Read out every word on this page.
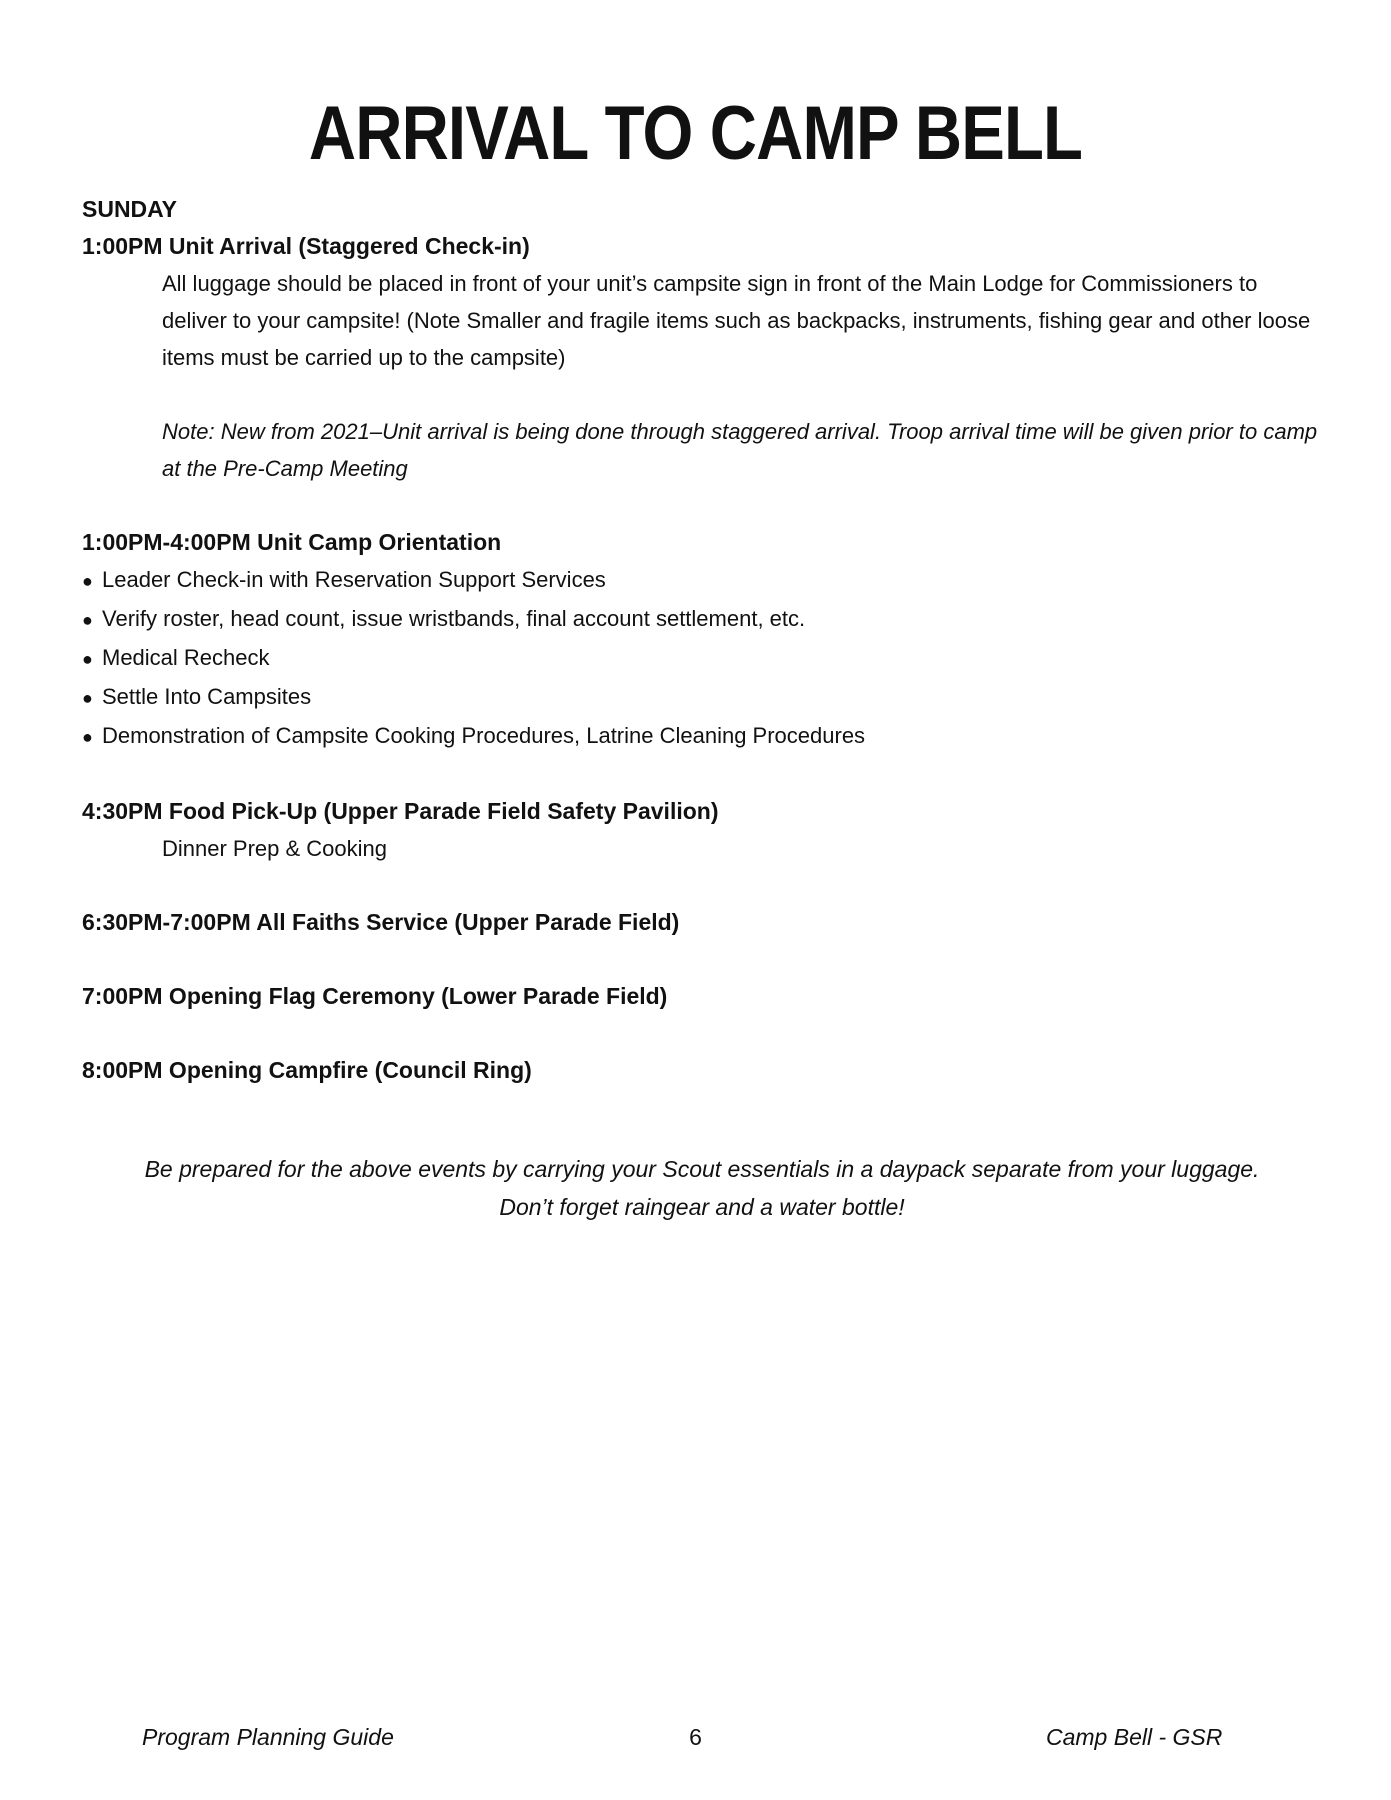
ARRIVAL TO CAMP BELL
SUNDAY
1:00PM Unit Arrival (Staggered Check-in)
All luggage should be placed in front of your unit’s campsite sign in front of the Main Lodge for Commissioners to deliver to your campsite! (Note Smaller and fragile items such as backpacks, instruments, fishing gear and other loose items must be carried up to the campsite)
Note: New from 2021–Unit arrival is being done through staggered arrival. Troop arrival time will be given prior to camp at the Pre-Camp Meeting
1:00PM-4:00PM Unit Camp Orientation
● Leader Check-in with Reservation Support Services
● Verify roster, head count, issue wristbands, final account settlement, etc.
● Medical Recheck
● Settle Into Campsites
● Demonstration of Campsite Cooking Procedures, Latrine Cleaning Procedures
4:30PM Food Pick-Up (Upper Parade Field Safety Pavilion)
Dinner Prep & Cooking
6:30PM-7:00PM All Faiths Service (Upper Parade Field)
7:00PM Opening Flag Ceremony (Lower Parade Field)
8:00PM Opening Campfire (Council Ring)
Be prepared for the above events by carrying your Scout essentials in a daypack separate from your luggage.
Don’t forget raingear and a water bottle!
Program Planning Guide	6	Camp Bell - GSR
